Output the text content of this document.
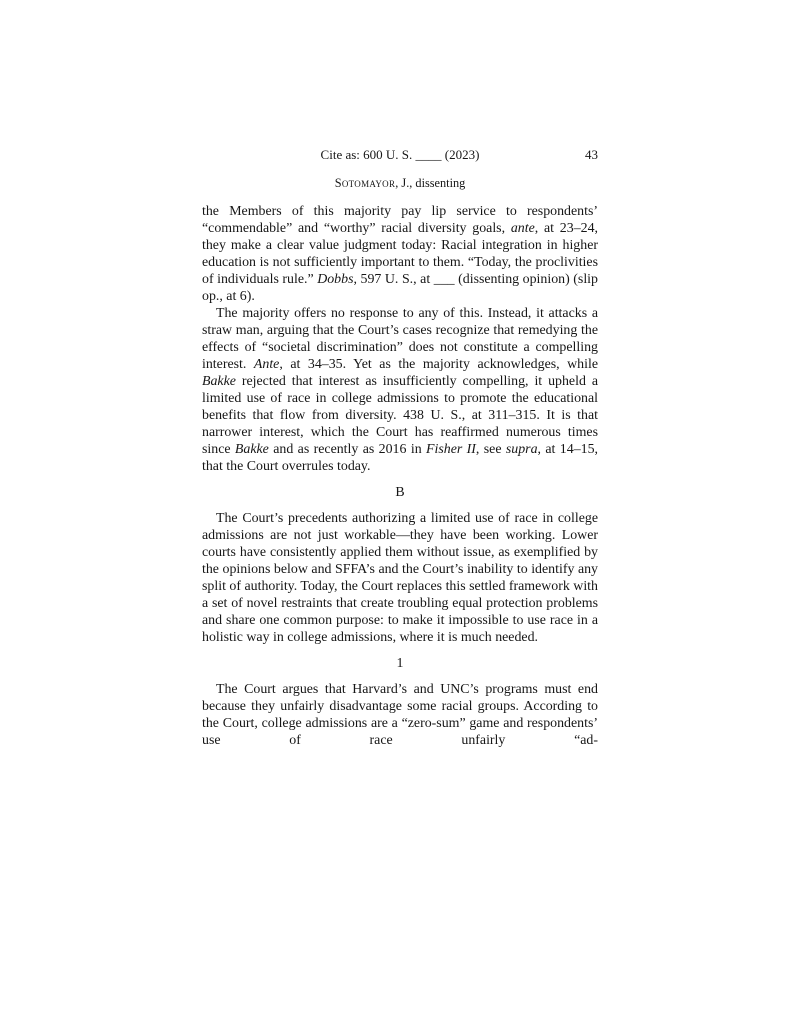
Cite as: 600 U. S. ____ (2023)	43
Sotomayor, J., dissenting

the Members of this majority pay lip service to respondents’ “commendable” and “worthy” racial diversity goals, ante, at 23–24, they make a clear value judgment today: Racial integration in higher education is not sufficiently important to them. “Today, the proclivities of individuals rule.” Dobbs, 597 U. S., at ___ (dissenting opinion) (slip op., at 6).

The majority offers no response to any of this. Instead, it attacks a straw man, arguing that the Court’s cases recognize that remedying the effects of “societal discrimination” does not constitute a compelling interest. Ante, at 34–35. Yet as the majority acknowledges, while Bakke rejected that interest as insufficiently compelling, it upheld a limited use of race in college admissions to promote the educational benefits that flow from diversity. 438 U. S., at 311–315. It is that narrower interest, which the Court has reaffirmed numerous times since Bakke and as recently as 2016 in Fisher II, see supra, at 14–15, that the Court overrules today.

B

The Court’s precedents authorizing a limited use of race in college admissions are not just workable—they have been working. Lower courts have consistently applied them without issue, as exemplified by the opinions below and SFFA’s and the Court’s inability to identify any split of authority. Today, the Court replaces this settled framework with a set of novel restraints that create troubling equal protection problems and share one common purpose: to make it impossible to use race in a holistic way in college admissions, where it is much needed.

1

The Court argues that Harvard’s and UNC’s programs must end because they unfairly disadvantage some racial groups. According to the Court, college admissions are a “zero-sum” game and respondents’ use of race unfairly “ad-
